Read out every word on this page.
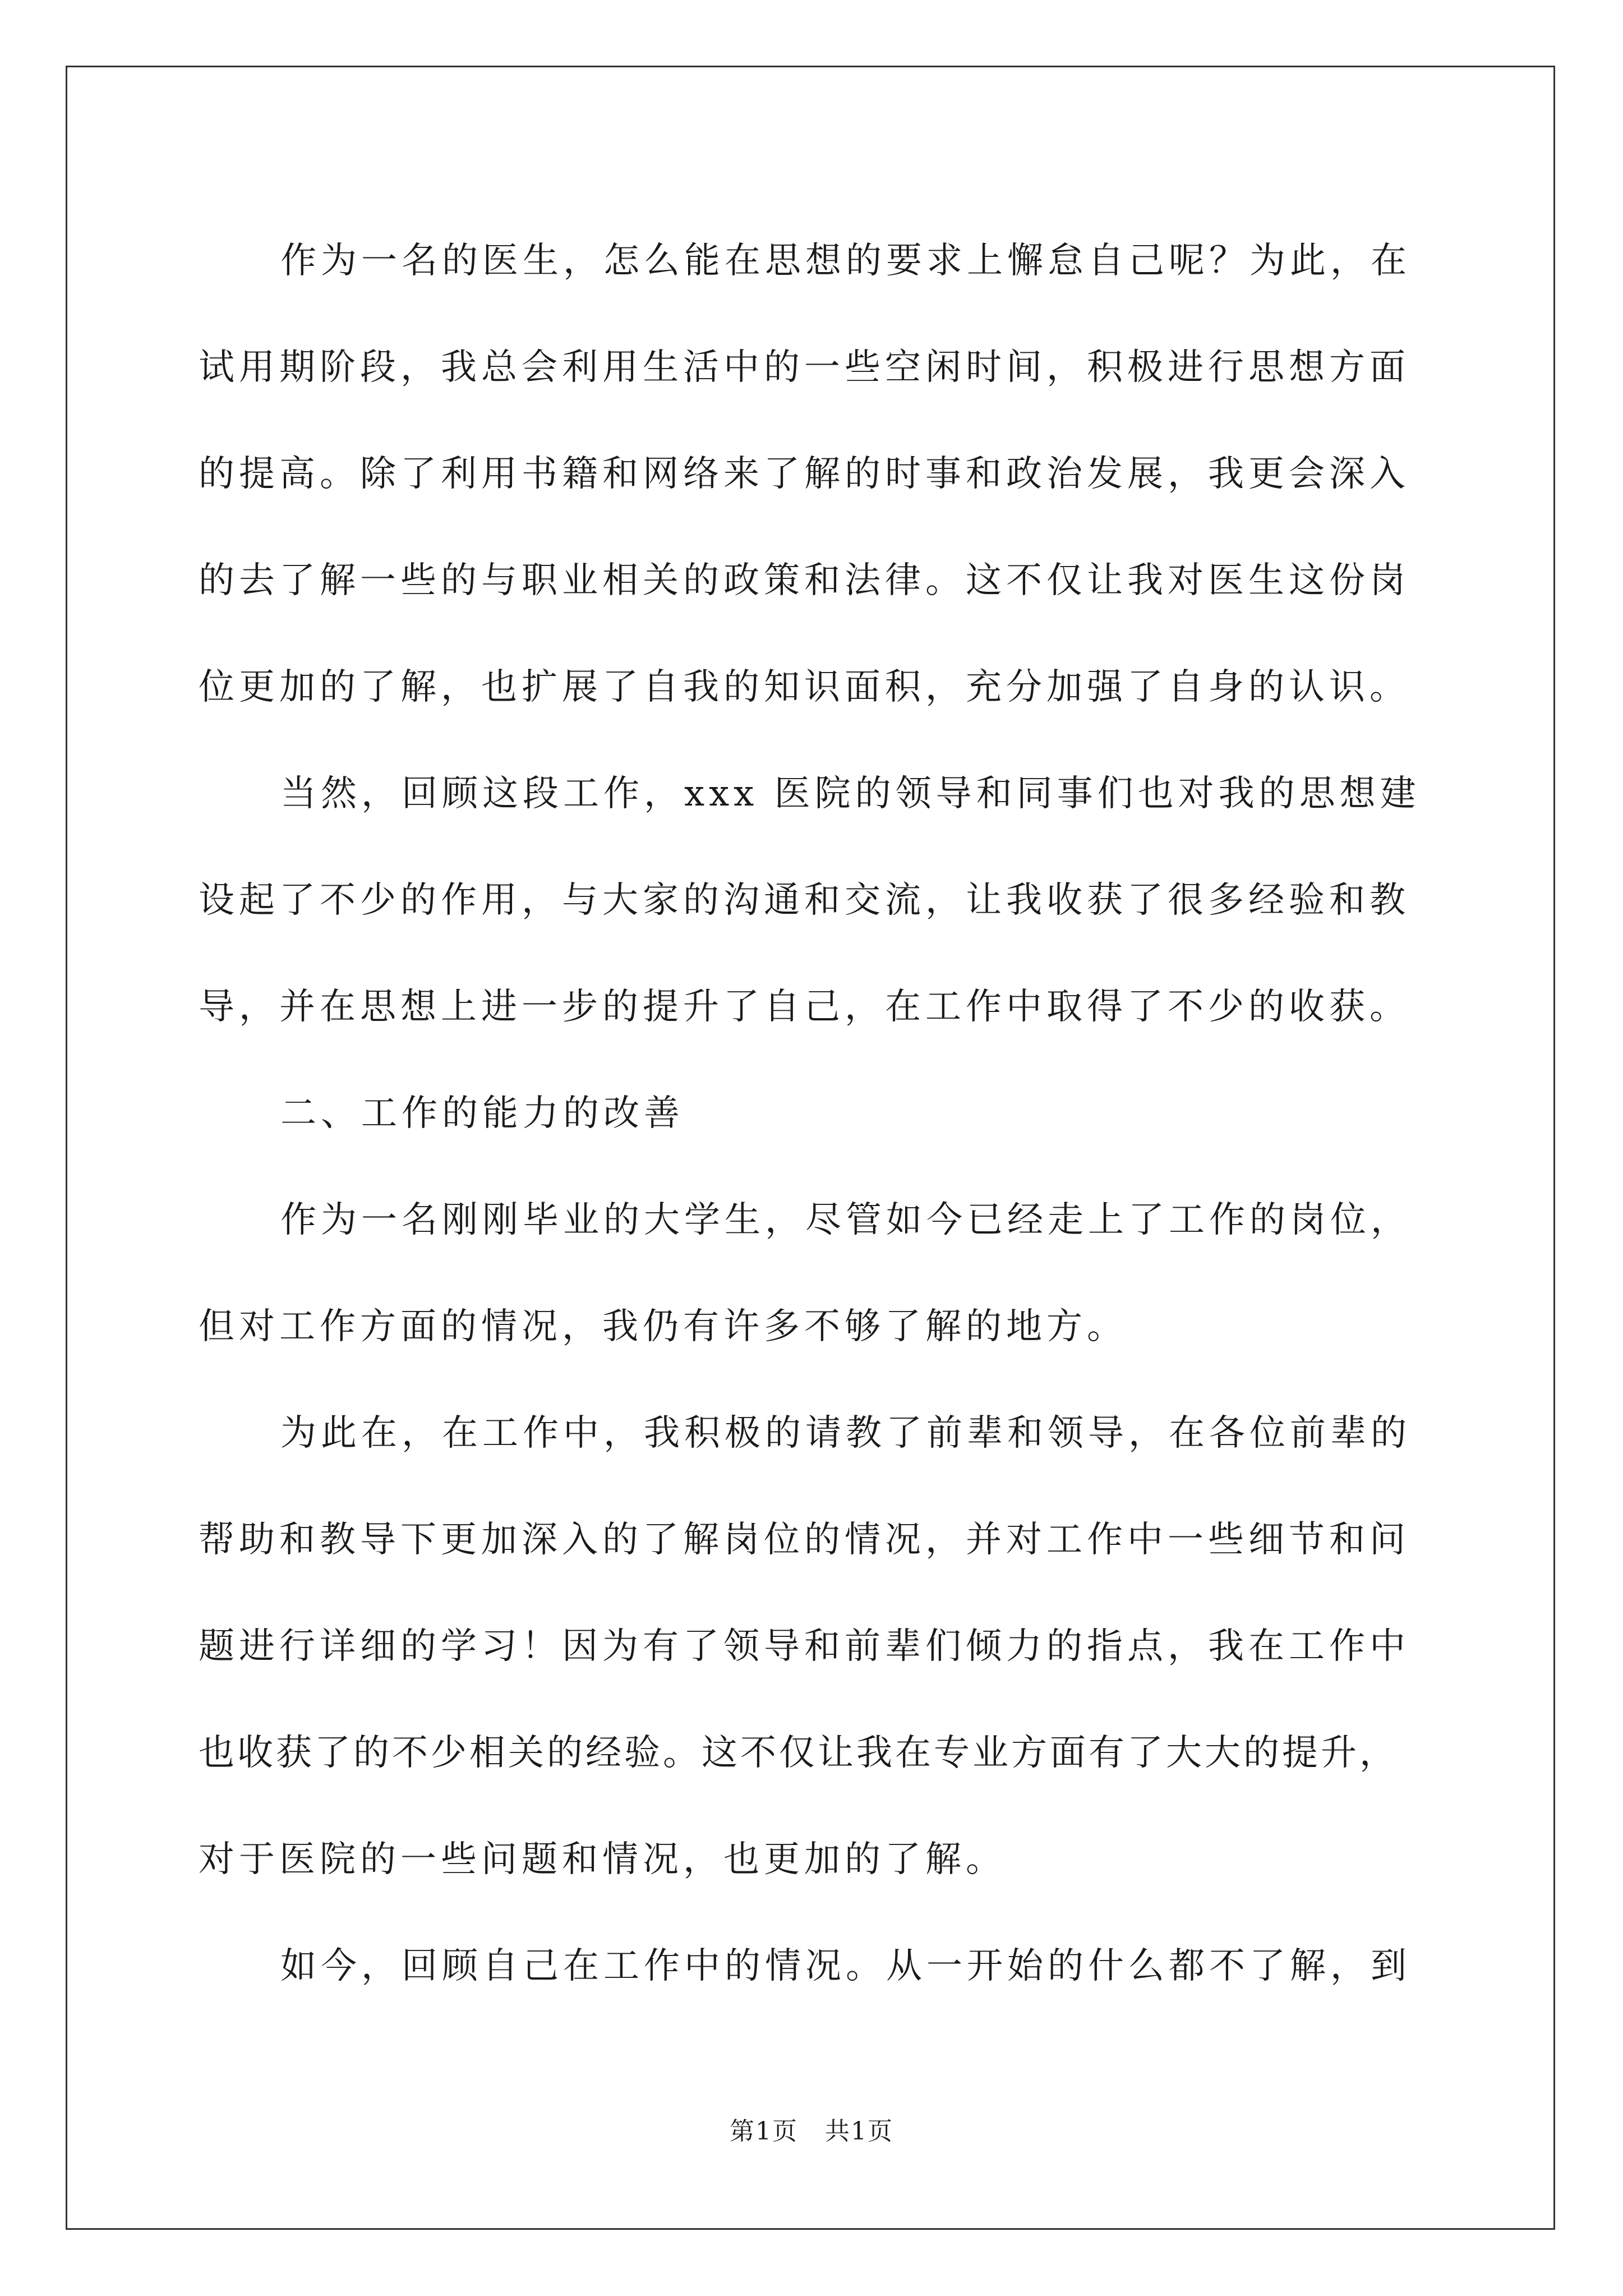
作为一名的医生，怎么能在思想的要求上懈怠自己呢？为此，在
试用期阶段，我总会利用生活中的一些空闲时间，积极进行思想方面
的提高。除了利用书籍和网络来了解的时事和政治发展，我更会深入
的去了解一些的与职业相关的政策和法律。这不仅让我对医生这份岗
位更加的了解，也扩展了自我的知识面积，充分加强了自身的认识。
当然，回顾这段工作，xxx 医院的领导和同事们也对我的思想建
设起了不少的作用，与大家的沟通和交流，让我收获了很多经验和教
导，并在思想上进一步的提升了自己，在工作中取得了不少的收获。
二、工作的能力的改善
作为一名刚刚毕业的大学生，尽管如今已经走上了工作的岗位，
但对工作方面的情况，我仍有许多不够了解的地方。
为此在，在工作中，我积极的请教了前辈和领导，在各位前辈的
帮助和教导下更加深入的了解岗位的情况，并对工作中一些细节和问
题进行详细的学习！因为有了领导和前辈们倾力的指点，我在工作中
也收获了的不少相关的经验。这不仅让我在专业方面有了大大的提升，
对于医院的一些问题和情况，也更加的了解。
如今，回顾自己在工作中的情况。从一开始的什么都不了解，到
第1页 共1页
